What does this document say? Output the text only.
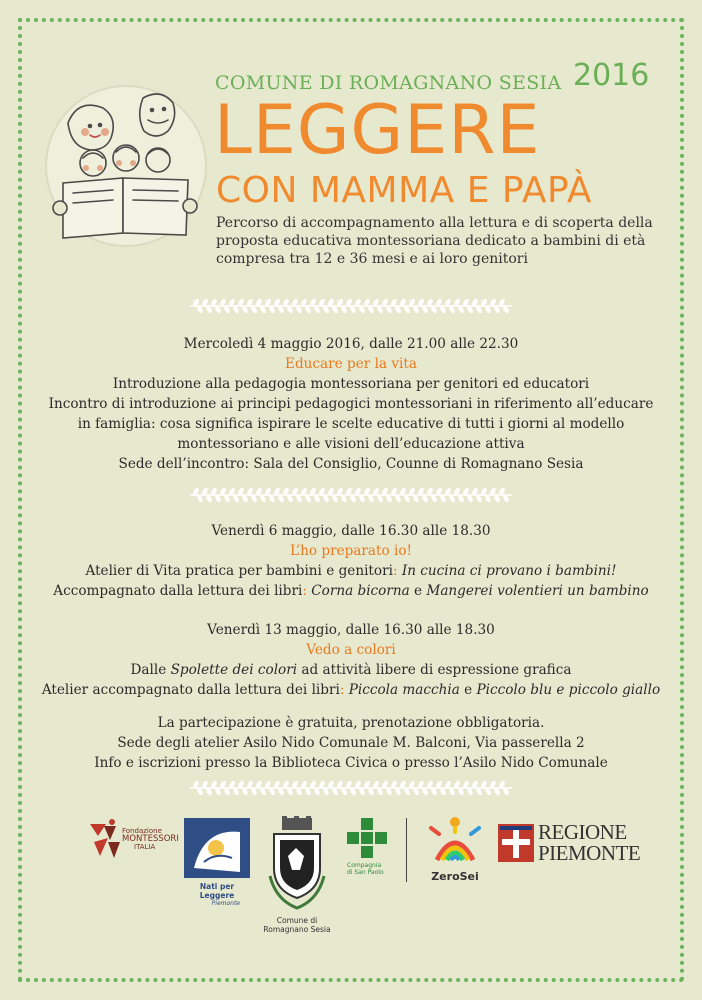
COMUNE DI ROMAGNANO SESIA 2016
LEGGERE
CON MAMMA E PAPÀ
Percorso di accompagnamento alla lettura e di scoperta della proposta educativa montessoriana dedicato a bambini di età compresa tra 12 e 36 mesi e ai loro genitori
Mercoledì 4 maggio 2016, dalle 21.00 alle 22.30
Educare per la vita
Introduzione alla pedagogia montessoriana per genitori ed educatori
Incontro di introduzione ai principi pedagogici montessoriani in riferimento all’educare
in famiglia: cosa significa ispirare le scelte educative di tutti i giorni al modello
montessoriano e alle visioni dell’educazione attiva
Sede dell’incontro: Sala del Consiglio, Counne di Romagnano Sesia
Venerdì 6 maggio, dalle 16.30 alle 18.30
L’ho preparato io!
Atelier di Vita pratica per bambini e genitori: In cucina ci provano i bambini!
Accompagnato dalla lettura dei libri: Corna bicorna e Mangerei volentieri un bambino
Venerdì 13 maggio, dalle 16.30 alle 18.30
Vedo a colori
Dalle Spolette dei colori ad attività libere di espressione grafica
Atelier accompagnato dalla lettura dei libri: Piccola macchia e Piccolo blu e piccolo giallo
La partecipazione è gratuita, prenotazione obbligatoria.
Sede degli atelier Asilo Nido Comunale M. Balconi, Via passerella 2
Info e iscrizioni presso la Biblioteca Civica o presso l’Asilo Nido Comunale
Fondazione
MONTESSORI
ITALIA
Nati per Leggere
Piemonte
Comune di
Romagnano Sesia
Compagnia
di San Paolo	ZeroSei
REGIONE
PIEMONTE
